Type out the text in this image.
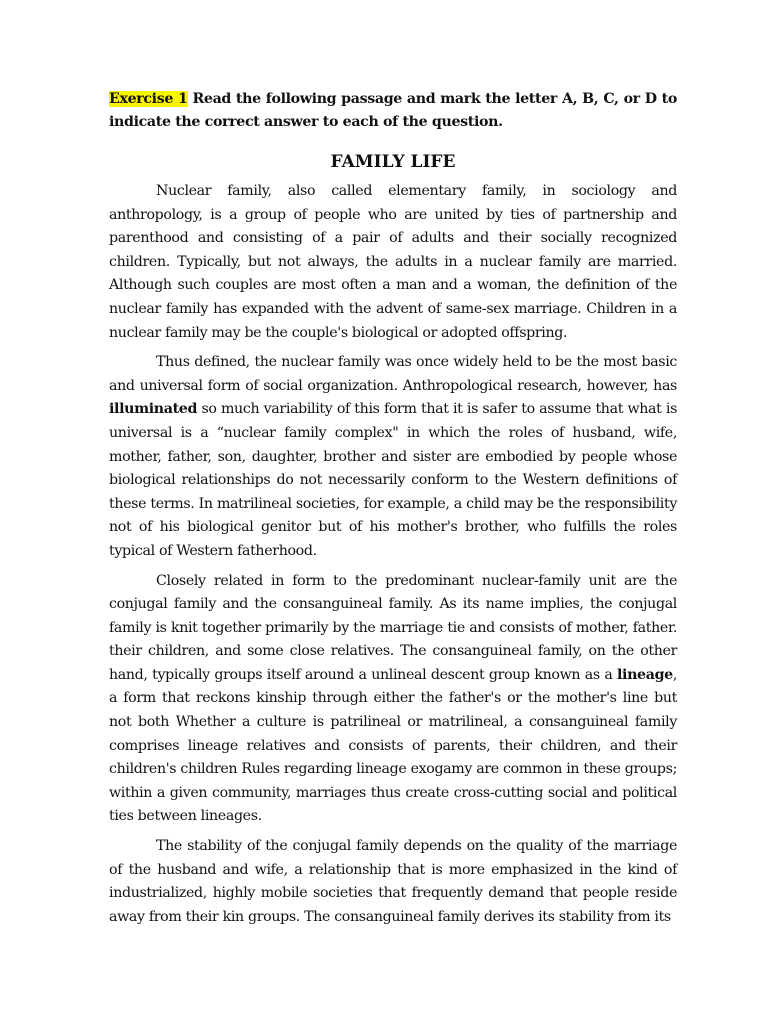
Exercise 1 Read the following passage and mark the letter A, B, C, or D to indicate the correct answer to each of the question.

FAMILY LIFE

Nuclear family, also called elementary family, in sociology and anthropology, is a group of people who are united by ties of partnership and parenthood and consisting of a pair of adults and their socially recognized children. Typically, but not always, the adults in a nuclear family are married. Although such couples are most often a man and a woman, the definition of the nuclear family has expanded with the advent of same-sex marriage. Children in a nuclear family may be the couple's biological or adopted offspring.

Thus defined, the nuclear family was once widely held to be the most basic and universal form of social organization. Anthropological research, however, has illuminated so much variability of this form that it is safer to assume that what is universal is a “nuclear family complex" in which the roles of husband, wife, mother, father, son, daughter, brother and sister are embodied by people whose biological relationships do not necessarily conform to the Western definitions of these terms. In matrilineal societies, for example, a child may be the responsibility not of his biological genitor but of his mother's brother, who fulfills the roles typical of Western fatherhood.

Closely related in form to the predominant nuclear-family unit are the conjugal family and the consanguineal family. As its name implies, the conjugal family is knit together primarily by the marriage tie and consists of mother, father. their children, and some close relatives. The consanguineal family, on the other hand, typically groups itself around a unlineal descent group known as a lineage, a form that reckons kinship through either the father's or the mother's line but not both Whether a culture is patrilineal or matrilineal, a consanguineal family comprises lineage relatives and consists of parents, their children, and their children's children Rules regarding lineage exogamy are common in these groups; within a given community, marriages thus create cross-cutting social and political ties between lineages.

The stability of the conjugal family depends on the quality of the marriage of the husband and wife, a relationship that is more emphasized in the kind of industrialized, highly mobile societies that frequently demand that people reside away from their kin groups. The consanguineal family derives its stability from its
